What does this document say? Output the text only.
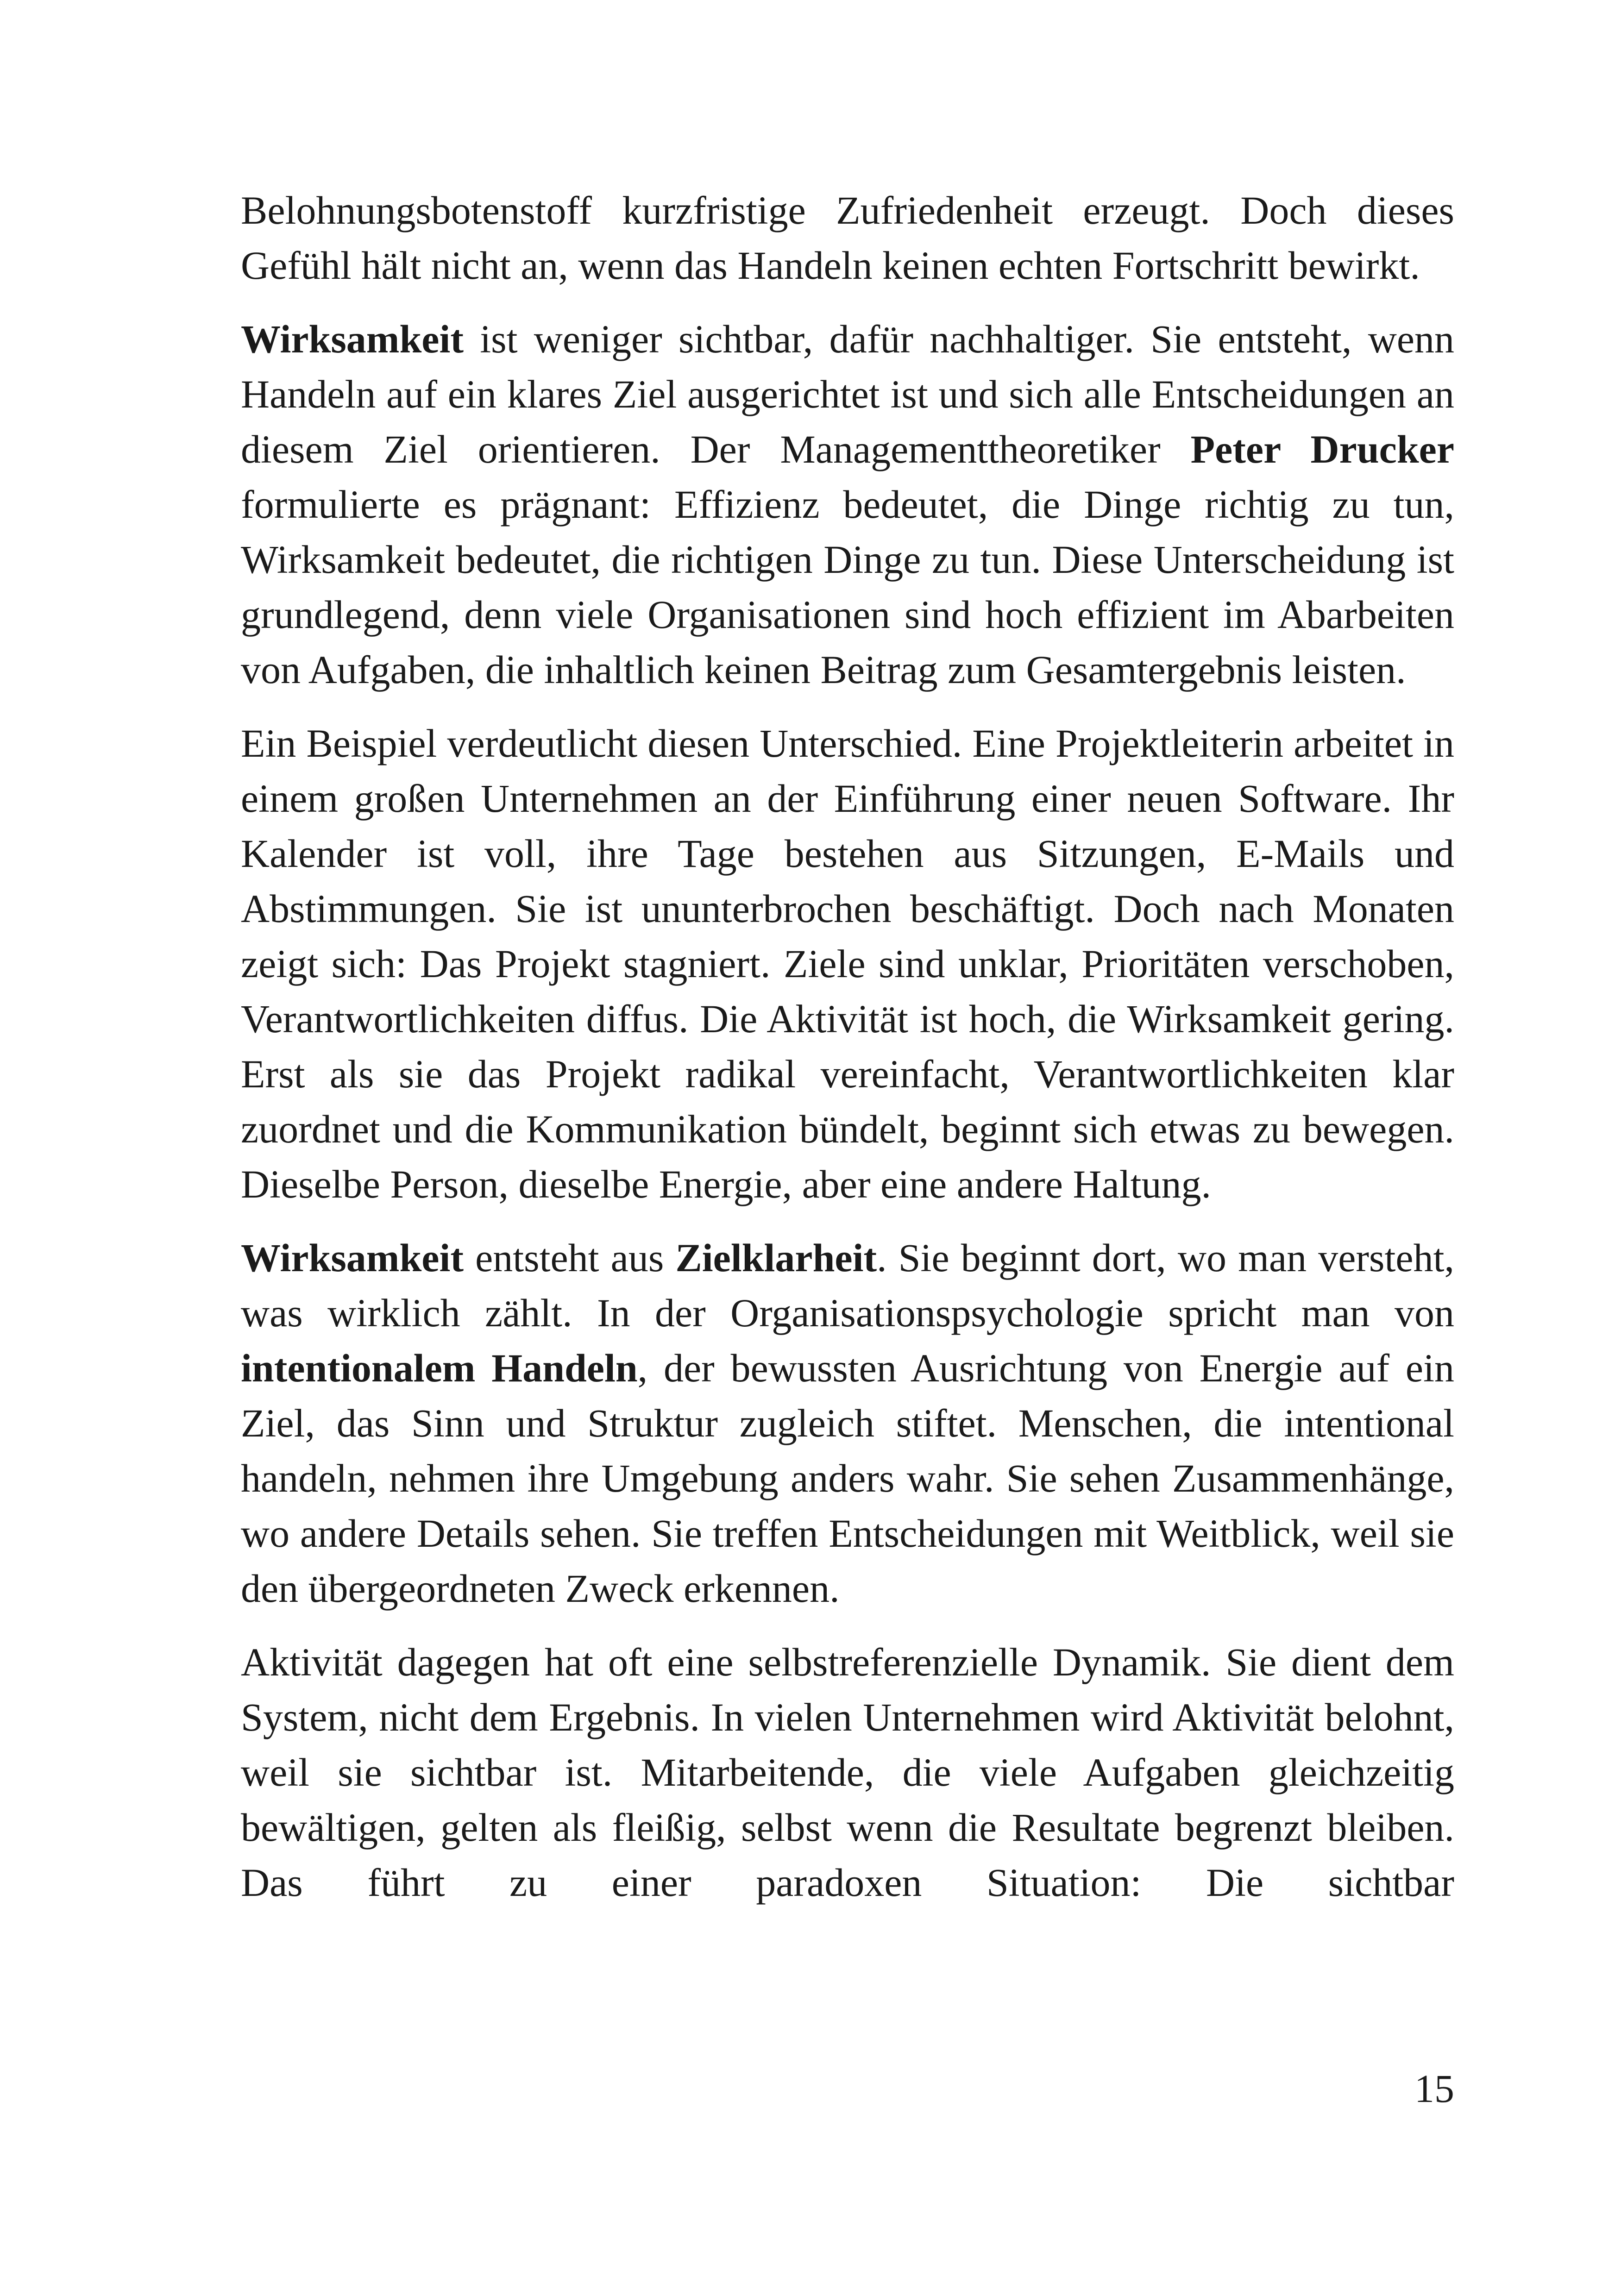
Belohnungsbotenstoff kurzfristige Zufriedenheit erzeugt. Doch dieses Gefühl hält nicht an, wenn das Handeln keinen echten Fortschritt bewirkt.

Wirksamkeit ist weniger sichtbar, dafür nachhaltiger. Sie entsteht, wenn Handeln auf ein klares Ziel ausgerichtet ist und sich alle Entscheidungen an diesem Ziel orientieren. Der Managementtheoretiker Peter Drucker formulierte es prägnant: Effizienz bedeutet, die Dinge richtig zu tun, Wirksamkeit bedeutet, die richtigen Dinge zu tun. Diese Unterscheidung ist grundlegend, denn viele Organisationen sind hoch effizient im Abarbeiten von Aufgaben, die inhaltlich keinen Beitrag zum Gesamtergebnis leisten.

Ein Beispiel verdeutlicht diesen Unterschied. Eine Projektleiterin arbeitet in einem großen Unternehmen an der Einführung einer neuen Software. Ihr Kalender ist voll, ihre Tage bestehen aus Sitzungen, E-Mails und Abstimmungen. Sie ist ununterbrochen beschäftigt. Doch nach Monaten zeigt sich: Das Projekt stagniert. Ziele sind unklar, Prioritäten verschoben, Verantwortlichkeiten diffus. Die Aktivität ist hoch, die Wirksamkeit gering. Erst als sie das Projekt radikal vereinfacht, Verantwortlichkeiten klar zuordnet und die Kommunikation bündelt, beginnt sich etwas zu bewegen. Dieselbe Person, dieselbe Energie, aber eine andere Haltung.

Wirksamkeit entsteht aus Zielklarheit. Sie beginnt dort, wo man versteht, was wirklich zählt. In der Organisationspsychologie spricht man von intentionalem Handeln, der bewussten Ausrichtung von Energie auf ein Ziel, das Sinn und Struktur zugleich stiftet. Menschen, die intentional handeln, nehmen ihre Umgebung anders wahr. Sie sehen Zusammenhänge, wo andere Details sehen. Sie treffen Entscheidungen mit Weitblick, weil sie den übergeordneten Zweck erkennen.

Aktivität dagegen hat oft eine selbstreferenzielle Dynamik. Sie dient dem System, nicht dem Ergebnis. In vielen Unternehmen wird Aktivität belohnt, weil sie sichtbar ist. Mitarbeitende, die viele Aufgaben gleichzeitig bewältigen, gelten als fleißig, selbst wenn die Resultate begrenzt bleiben. Das führt zu einer paradoxen Situation: Die sichtbar

15
